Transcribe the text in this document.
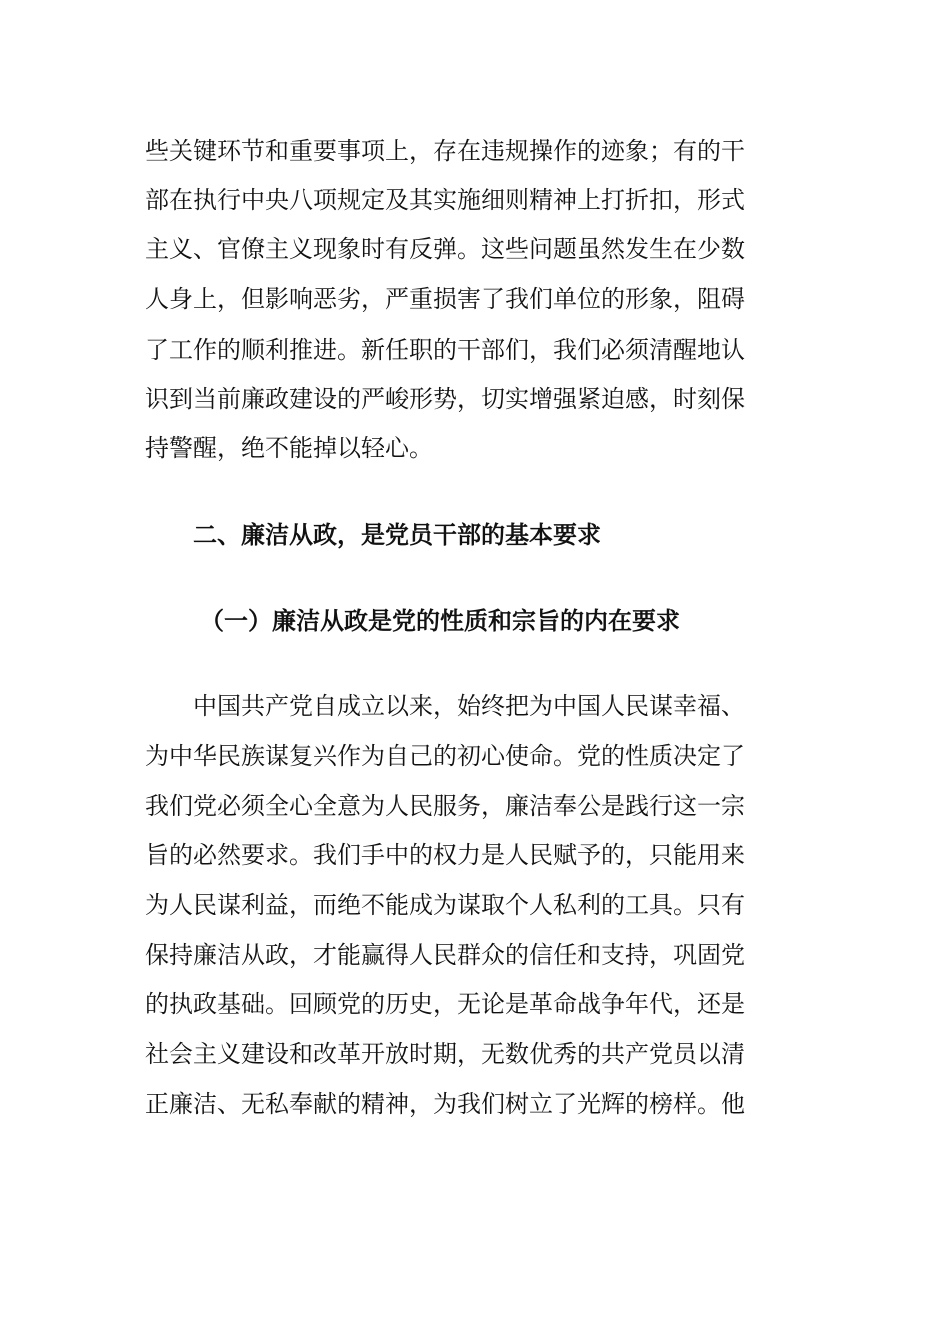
些关键环节和重要事项上，存在违规操作的迹象；有的干
部在执行中央八项规定及其实施细则精神上打折扣，形式
主义、官僚主义现象时有反弹。这些问题虽然发生在少数
人身上，但影响恶劣，严重损害了我们单位的形象，阻碍
了工作的顺利推进。新任职的干部们，我们必须清醒地认
识到当前廉政建设的严峻形势，切实增强紧迫感，时刻保
持警醒，绝不能掉以轻心。
二、廉洁从政，是党员干部的基本要求
（一）廉洁从政是党的性质和宗旨的内在要求
中国共产党自成立以来，始终把为中国人民谋幸福、
为中华民族谋复兴作为自己的初心使命。党的性质决定了
我们党必须全心全意为人民服务，廉洁奉公是践行这一宗
旨的必然要求。我们手中的权力是人民赋予的，只能用来
为人民谋利益，而绝不能成为谋取个人私利的工具。只有
保持廉洁从政，才能赢得人民群众的信任和支持，巩固党
的执政基础。回顾党的历史，无论是革命战争年代，还是
社会主义建设和改革开放时期，无数优秀的共产党员以清
正廉洁、无私奉献的精神，为我们树立了光辉的榜样。他
